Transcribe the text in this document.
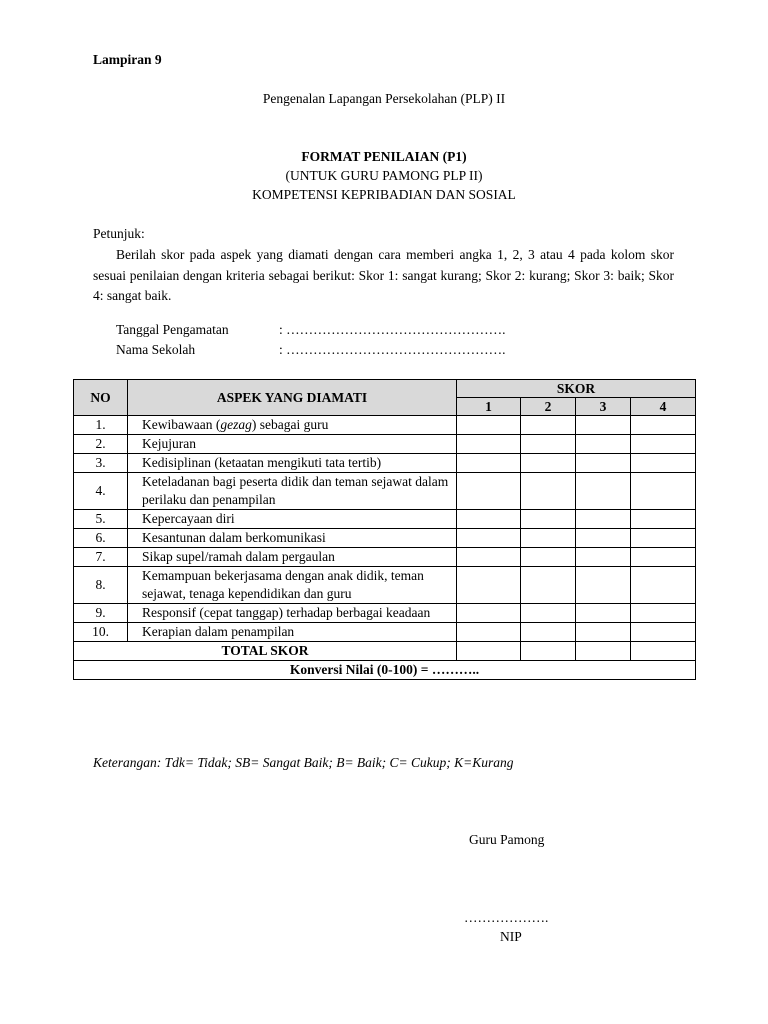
Lampiran 9
Pengenalan Lapangan Persekolahan (PLP) II
FORMAT PENILAIAN (P1)
(UNTUK GURU PAMONG PLP II)
KOMPETENSI KEPRIBADIAN DAN SOSIAL
Petunjuk:
Berilah skor pada aspek yang diamati dengan cara memberi angka 1, 2, 3 atau 4 pada kolom skor sesuai penilaian dengan kriteria sebagai berikut: Skor 1: sangat kurang; Skor 2: kurang; Skor 3: baik; Skor 4: sangat baik.
Tanggal Pengamatan	: ………………………………………….
Nama Sekolah	: ………………………………………….
NO	ASPEK YANG DIAMATI	SKOR			
		1	2	3	4
1.	Kewibawaan (gezag) sebagai guru				
2.	Kejujuran				
3.	Kedisiplinan (ketaatan mengikuti tata tertib)				
4.	Keteladanan bagi peserta didik dan teman sejawat dalam perilaku dan penampilan				
5.	Kepercayaan diri				
6.	Kesantunan dalam berkomunikasi				
7.	Sikap supel/ramah dalam pergaulan				
8.	Kemampuan bekerjasama dengan anak didik, teman sejawat, tenaga kependidikan dan guru				
9.	Responsif (cepat tanggap) terhadap berbagai keadaan				
10.	Kerapian dalam penampilan				
TOTAL SKOR					
Konversi Nilai (0-100) = ………..					
Keterangan: Tdk= Tidak; SB= Sangat Baik; B= Baik; C= Cukup; K=Kurang
Guru Pamong
……………….
NIP
